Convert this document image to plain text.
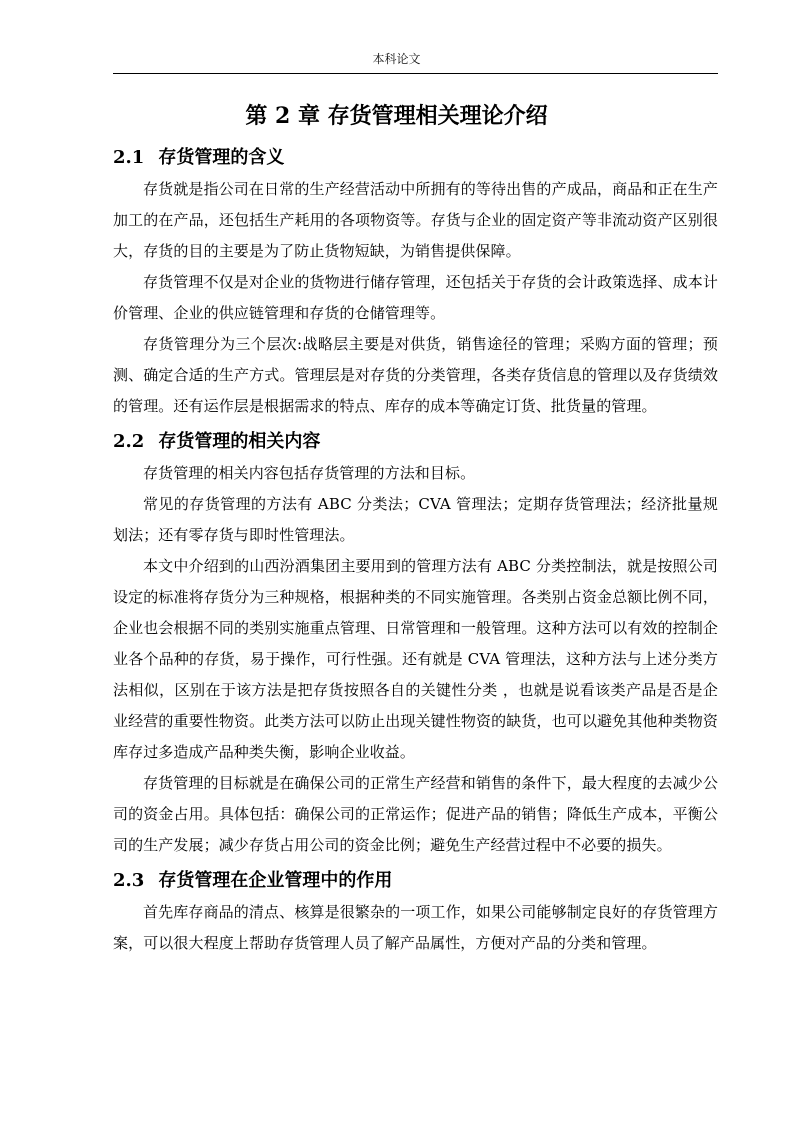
本科论文
第 2 章 存货管理相关理论介绍
2.1 存货管理的含义

存货就是指公司在日常的生产经营活动中所拥有的等待出售的产成品，商品和正在生产加工的在产品，还包括生产耗用的各项物资等。存货与企业的固定资产等非流动资产区别很大，存货的目的主要是为了防止货物短缺，为销售提供保障。

存货管理不仅是对企业的货物进行储存管理，还包括关于存货的会计政策选择、成本计价管理、企业的供应链管理和存货的仓储管理等。

存货管理分为三个层次:战略层主要是对供货，销售途径的管理；采购方面的管理；预测、确定合适的生产方式。管理层是对存货的分类管理，各类存货信息的管理以及存货绩效的管理。还有运作层是根据需求的特点、库存的成本等确定订货、批货量的管理。

2.2 存货管理的相关内容

存货管理的相关内容包括存货管理的方法和目标。

常见的存货管理的方法有 ABC 分类法；CVA 管理法；定期存货管理法；经济批量规划法；还有零存货与即时性管理法。

本文中介绍到的山西汾酒集团主要用到的管理方法有 ABC 分类控制法，就是按照公司设定的标准将存货分为三种规格，根据种类的不同实施管理。各类别占资金总额比例不同，企业也会根据不同的类别实施重点管理、日常管理和一般管理。这种方法可以有效的控制企业各个品种的存货，易于操作，可行性强。还有就是 CVA 管理法，这种方法与上述分类方法相似，区别在于该方法是把存货按照各自的关键性分类 ，也就是说看该类产品是否是企业经营的重要性物资。此类方法可以防止出现关键性物资的缺货，也可以避免其他种类物资库存过多造成产品种类失衡，影响企业收益。

存货管理的目标就是在确保公司的正常生产经营和销售的条件下，最大程度的去减少公司的资金占用。具体包括：确保公司的正常运作；促进产品的销售；降低生产成本，平衡公司的生产发展；减少存货占用公司的资金比例；避免生产经营过程中不必要的损失。

2.3 存货管理在企业管理中的作用

首先库存商品的清点、核算是很繁杂的一项工作，如果公司能够制定良好的存货管理方案，可以很大程度上帮助存货管理人员了解产品属性，方便对产品的分类和管理。
